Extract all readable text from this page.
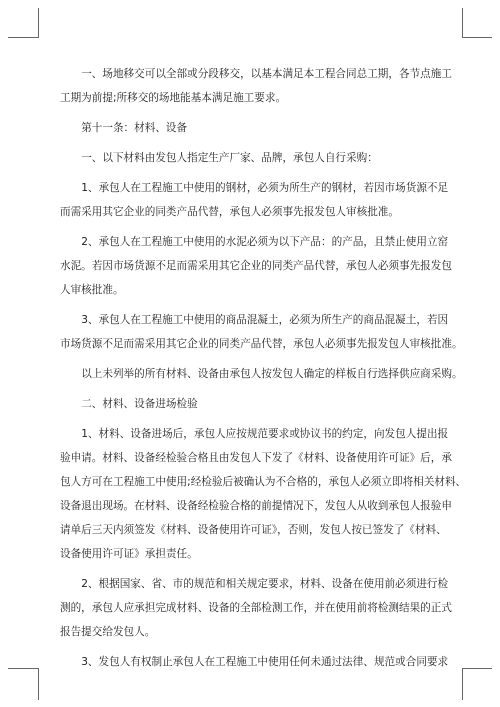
一、场地移交可以全部或分段移交，以基本满足本工程合同总工期，各节点施工
工期为前提;所移交的场地能基本满足施工要求。
第十一条：材料、设备
一、以下材料由发包人指定生产厂家、品牌，承包人自行采购：
1、承包人在工程施工中使用的钢材，必须为所生产的钢材，若因市场货源不足
而需采用其它企业的同类产品代替，承包人必须事先报发包人审核批准。
2、承包人在工程施工中使用的水泥必须为以下产品：的产品，且禁止使用立窑
水泥。若因市场货源不足而需采用其它企业的同类产品代替，承包人必须事先报发包
人审核批准。
3、承包人在工程施工中使用的商品混凝土，必须为所生产的商品混凝土，若因
市场货源不足而需采用其它企业的同类产品代替，承包人必须事先报发包人审核批准。
以上未列举的所有材料、设备由承包人按发包人确定的样板自行选择供应商采购。
二、材料、设备进场检验
1、材料、设备进场后，承包人应按规范要求或协议书的约定，向发包人提出报
验申请。材料、设备经检验合格且由发包人下发了《材料、设备使用许可证》后，承
包人方可在工程施工中使用;经检验后被确认为不合格的，承包人必须立即将相关材料、
设备退出现场。在材料、设备经检验合格的前提情况下，发包人从收到承包人报验申
请单后三天内须签发《材料、设备使用许可证》，否则，发包人按已签发了《材料、
设备使用许可证》承担责任。
2、根据国家、省、市的规范和相关规定要求，材料、设备在使用前必须进行检
测的，承包人应承担完成材料、设备的全部检测工作，并在使用前将检测结果的正式
报告提交给发包人。
3、发包人有权制止承包人在工程施工中使用任何未通过法律、规范或合同要求
